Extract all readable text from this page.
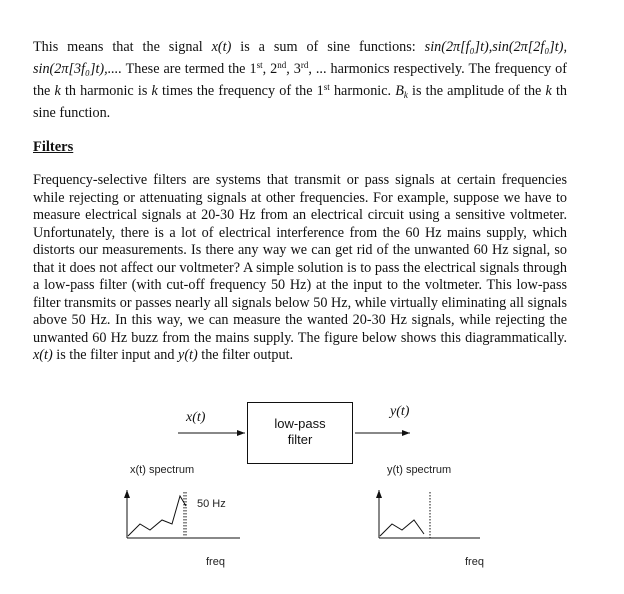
This means that the signal x(t) is a sum of sine functions: sin(2π[f₀]t),sin(2π[2f₀]t), sin(2π[3f₀]t),.... These are termed the 1st, 2nd, 3rd, ... harmonics respectively. The frequency of the k th harmonic is k times the frequency of the 1st harmonic. $B_k$ is the amplitude of the k th sine function.

Filters

Frequency-selective filters are systems that transmit or pass signals at certain frequencies while rejecting or attenuating signals at other frequencies. For example, suppose we have to measure electrical signals at 20-30 Hz from an electrical circuit using a sensitive voltmeter. Unfortunately, there is a lot of electrical interference from the 60 Hz mains supply, which distorts our measurements. Is there any way we can get rid of the unwanted 60 Hz signal, so that it does not affect our voltmeter? A simple solution is to pass the electrical signals through a low-pass filter (with cut-off frequency 50 Hz) at the input to the voltmeter. This low-pass filter transmits or passes nearly all signals below 50 Hz, while virtually eliminating all signals above 50 Hz. In this way, we can measure the wanted 20-30 Hz signals, while rejecting the unwanted 60 Hz buzz from the mains supply. The figure below shows this diagrammatically. x(t) is the filter input and y(t) the filter output.

x(t)	y(t)
low-pass
filter
x(t) spectrum	y(t) spectrum
50 Hz
freq	freq
